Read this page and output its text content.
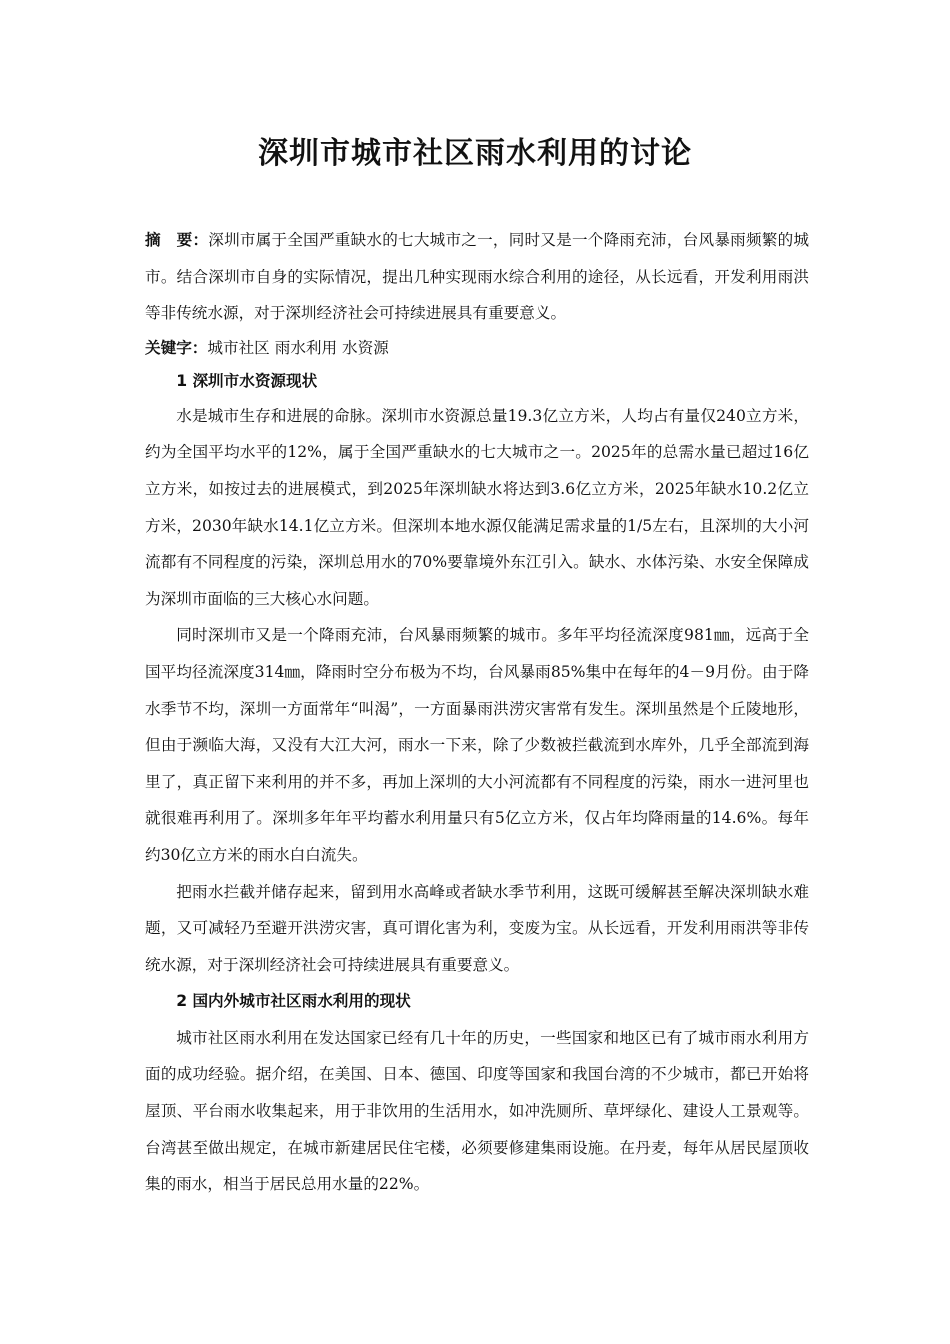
深圳市城市社区雨水利用的讨论

摘　要：深圳市属于全国严重缺水的七大城市之一，同时又是一个降雨充沛，台风暴雨频繁的城市。结合深圳市自身的实际情况，提出几种实现雨水综合利用的途径，从长远看，开发利用雨洪等非传统水源，对于深圳经济社会可持续进展具有重要意义。

关键字：城市社区 雨水利用 水资源

1 深圳市水资源现状

水是城市生存和进展的命脉。深圳市水资源总量19.3亿立方米，人均占有量仅240立方米，约为全国平均水平的12%，属于全国严重缺水的七大城市之一。2025年的总需水量已超过16亿立方米，如按过去的进展模式，到2025年深圳缺水将达到3.6亿立方米，2025年缺水10.2亿立方米，2030年缺水14.1亿立方米。但深圳本地水源仅能满足需求量的1/5左右，且深圳的大小河流都有不同程度的污染，深圳总用水的70%要靠境外东江引入。缺水、水体污染、水安全保障成为深圳市面临的三大核心水问题。

同时深圳市又是一个降雨充沛，台风暴雨频繁的城市。多年平均径流深度981㎜，远高于全国平均径流深度314㎜，降雨时空分布极为不均，台风暴雨85%集中在每年的4－9月份。由于降水季节不均，深圳一方面常年“叫渴”，一方面暴雨洪涝灾害常有发生。深圳虽然是个丘陵地形，但由于濒临大海，又没有大江大河，雨水一下来，除了少数被拦截流到水库外，几乎全部流到海里了，真正留下来利用的并不多，再加上深圳的大小河流都有不同程度的污染，雨水一进河里也就很难再利用了。深圳多年年平均蓄水利用量只有5亿立方米，仅占年均降雨量的14.6%。每年约30亿立方米的雨水白白流失。

把雨水拦截并储存起来，留到用水高峰或者缺水季节利用，这既可缓解甚至解决深圳缺水难题，又可减轻乃至避开洪涝灾害，真可谓化害为利，变废为宝。从长远看，开发利用雨洪等非传统水源，对于深圳经济社会可持续进展具有重要意义。

2 国内外城市社区雨水利用的现状

城市社区雨水利用在发达国家已经有几十年的历史，一些国家和地区已有了城市雨水利用方面的成功经验。据介绍，在美国、日本、德国、印度等国家和我国台湾的不少城市，都已开始将屋顶、平台雨水收集起来，用于非饮用的生活用水，如冲洗厕所、草坪绿化、建设人工景观等。台湾甚至做出规定，在城市新建居民住宅楼，必须要修建集雨设施。在丹麦，每年从居民屋顶收集的雨水，相当于居民总用水量的22%。
